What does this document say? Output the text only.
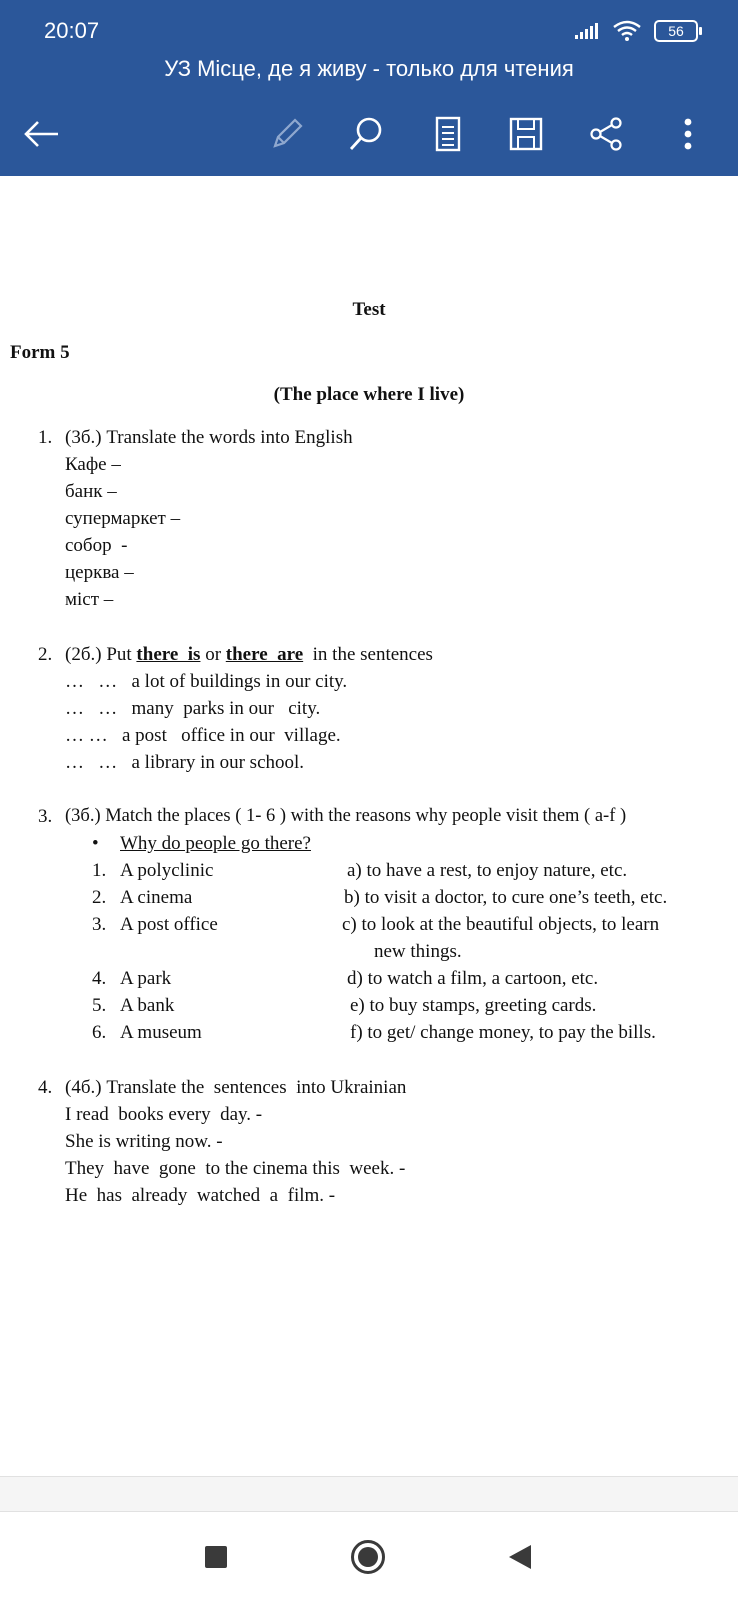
20:07	56
УЗ Місце, де я живу - только для чтения
Test
Form 5
(The place where I live)
1. (3б.) Translate the words into English
Кафе –
банк –
супермаркет –
собор  -
церква –
міст –
2. (2б.) Put there  is or there  are  in the sentences
…   …   a lot of buildings in our city.
…   …   many  parks in our   city.
… …   a post   office in our  village.
…   …   a library in our school.
3. (3б.) Match the places ( 1- 6 ) with the reasons why people visit them ( a-f )
• Why do people go there?
1. A polyclinic
2. A cinema
3. A post office
4. A park
5. A bank
6. A museum
a) to have a rest, to enjoy nature, etc.
b) to visit a doctor, to cure one’s teeth, etc.
c) to look at the beautiful objects, to learn
new things.
d) to watch a film, a cartoon, etc.
e) to buy stamps, greeting cards.
f) to get/ change money, to pay the bills.
4. (4б.) Translate the  sentences  into Ukrainian
I read  books every  day. -
She is writing now. -
They  have  gone  to the cinema this  week. -
He  has  already  watched  a  film. -
